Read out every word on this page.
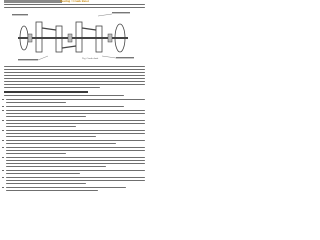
Bearing / Crank Rotor
Fig. Crank shaft
